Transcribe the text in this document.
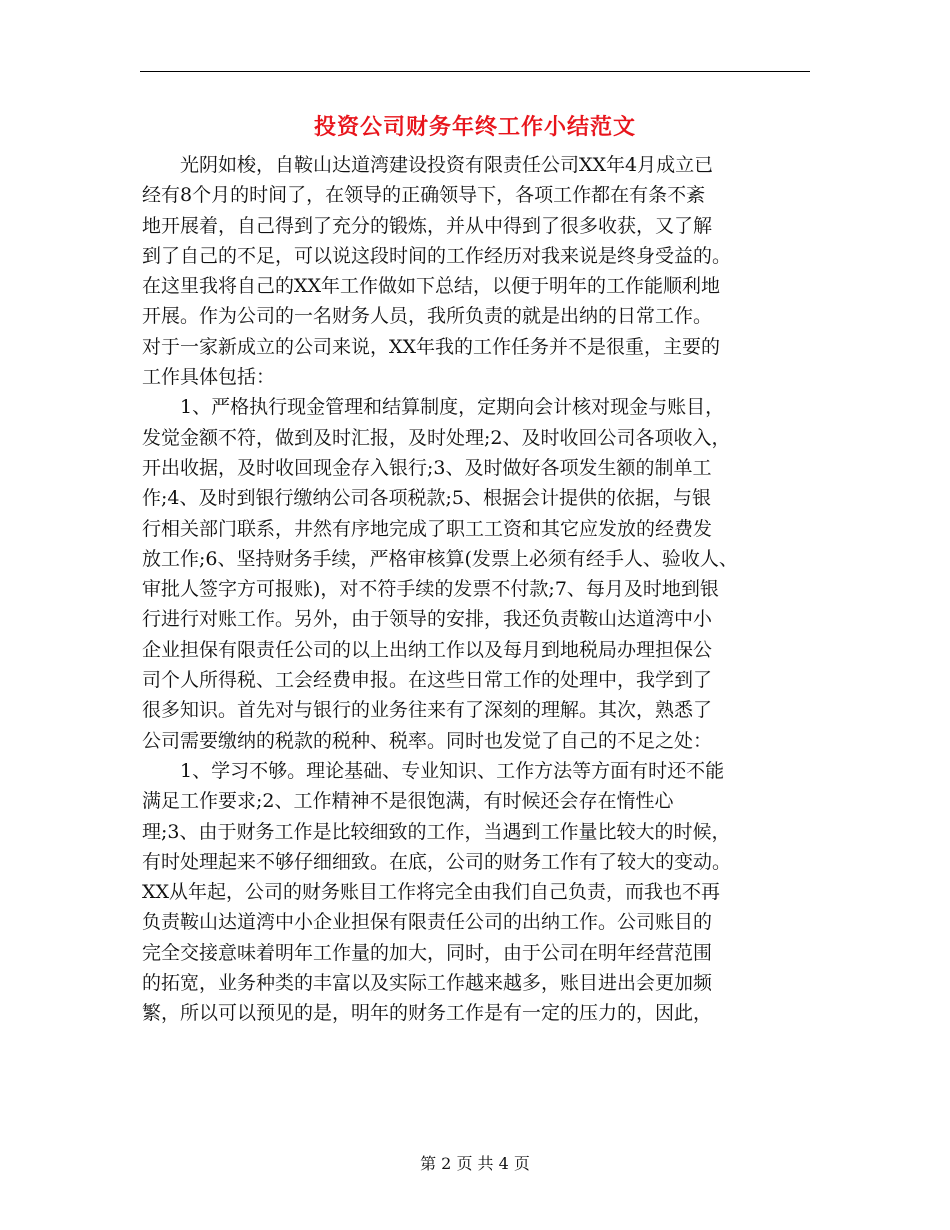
投资公司财务年终工作小结范文
　　光阴如梭，自鞍山达道湾建设投资有限责任公司XX年4月成立已
经有8个月的时间了，在领导的正确领导下，各项工作都在有条不紊
地开展着，自己得到了充分的锻炼，并从中得到了很多收获，又了解
到了自己的不足，可以说这段时间的工作经历对我来说是终身受益的。
在这里我将自己的XX年工作做如下总结，以便于明年的工作能顺利地
开展。作为公司的一名财务人员，我所负责的就是出纳的日常工作。
对于一家新成立的公司来说，XX年我的工作任务并不是很重，主要的
工作具体包括：
　　1、严格执行现金管理和结算制度，定期向会计核对现金与账目，
发觉金额不符，做到及时汇报，及时处理;2、及时收回公司各项收入，
开出收据，及时收回现金存入银行;3、及时做好各项发生额的制单工
作;4、及时到银行缴纳公司各项税款;5、根据会计提供的依据，与银
行相关部门联系，井然有序地完成了职工工资和其它应发放的经费发
放工作;6、坚持财务手续，严格审核算(发票上必须有经手人、验收人、
审批人签字方可报账)，对不符手续的发票不付款;7、每月及时地到银
行进行对账工作。另外，由于领导的安排，我还负责鞍山达道湾中小
企业担保有限责任公司的以上出纳工作以及每月到地税局办理担保公
司个人所得税、工会经费申报。在这些日常工作的处理中，我学到了
很多知识。首先对与银行的业务往来有了深刻的理解。其次，熟悉了
公司需要缴纳的税款的税种、税率。同时也发觉了自己的不足之处：
　　1、学习不够。理论基础、专业知识、工作方法等方面有时还不能
满足工作要求;2、工作精神不是很饱满，有时候还会存在惰性心
理;3、由于财务工作是比较细致的工作，当遇到工作量比较大的时候，
有时处理起来不够仔细细致。在底，公司的财务工作有了较大的变动。
XX从年起，公司的财务账目工作将完全由我们自己负责，而我也不再
负责鞍山达道湾中小企业担保有限责任公司的出纳工作。公司账目的
完全交接意味着明年工作量的加大，同时，由于公司在明年经营范围
的拓宽，业务种类的丰富以及实际工作越来越多，账目进出会更加频
繁，所以可以预见的是，明年的财务工作是有一定的压力的，因此，
第 2 页 共 4 页
